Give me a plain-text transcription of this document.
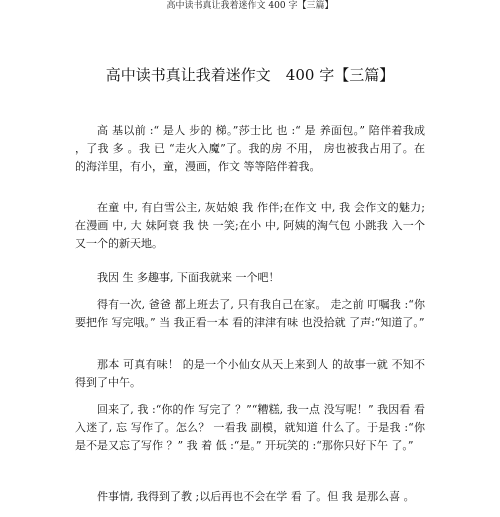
高中读书真让我着迷作文 400 字【三篇】
高中读书真让我着迷作文　400 字【三篇】

高 基以前 :“ 是人 步的 梯。”莎士比 也 :“ 是 养面包。” 陪伴着我成 ，了我 多 。我 已 “走火入魔”了。我的房 不用， 房也被我占用了。在 的海洋里，有小，童，漫画，作文 等等陪伴着我。

在童 中, 有白雪公主, 灰姑娘 我 作伴;在作文 中, 我 会作文的魅力;在漫画 中, 大 妹阿衰 我 快 一笑;在小 中, 阿姨的淘气包 小跳我 入一个又一个的新天地。

我因 生 多趣事, 下面我就来 一个吧！

得有一次, 爸爸 都上班去了, 只有我自己在家。 走之前 叮嘱我 :“你要把作 写完哦。” 当 我正看一本 看的津津有味 也没拾就 了声:“知道了。”

那本 可真有味！ 的是一个小仙女从天上来到人 的故事一就 不知不 得到了中午。

回来了, 我 :“你的作 写完了 ？”“糟糕, 我一点 没写呢！” 我因看 看入迷了, 忘 写作了。怎么？ 一看我 副模，就知道 什么了。于是我 :“你是不是又忘了写作 ？” 我 着 低 :“是。” 开玩笑的 :“那你只好下午 了。”

件事情, 我得到了教 ;以后再也不会在学 看 了。但 我 是那么喜 。
